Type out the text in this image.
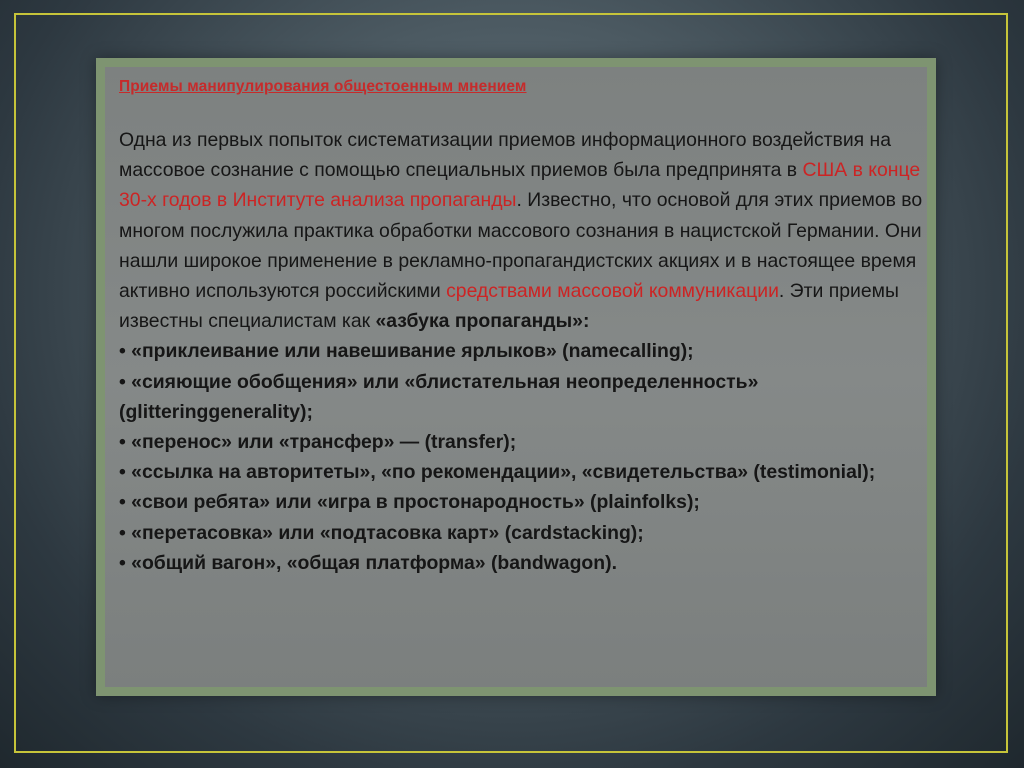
Приемы манипулирования общестоенным мнением

Одна из первых попыток систематизации приемов информационного воздействия на массовое сознание с помощью специальных приемов была предпринята в США в конце 30-х годов в Институте анализа пропаганды. Известно, что основой для этих приемов во многом послужила практика обработки массового сознания в нацистской Германии. Они нашли широкое применение в рекламно-пропагандистских акциях и в настоящее время активно используются российскими средствами массовой коммуникации. Эти приемы известны специалистам как «азбука пропаганды»:

• «приклеивание или навешивание ярлыков» (namecalling);
• «сияющие обобщения» или «блистательная неопределенность» (glitteringgenerality);
• «перенос» или «трансфер» — (transfer);
• «ссылка на авторитеты», «по рекомендации», «свидетельства» (testimonial);
• «свои ребята» или «игра в простонародность» (plainfolks);
• «перетасовка» или «подтасовка карт» (cardstacking);
• «общий вагон», «общая платформа» (bandwagon).
